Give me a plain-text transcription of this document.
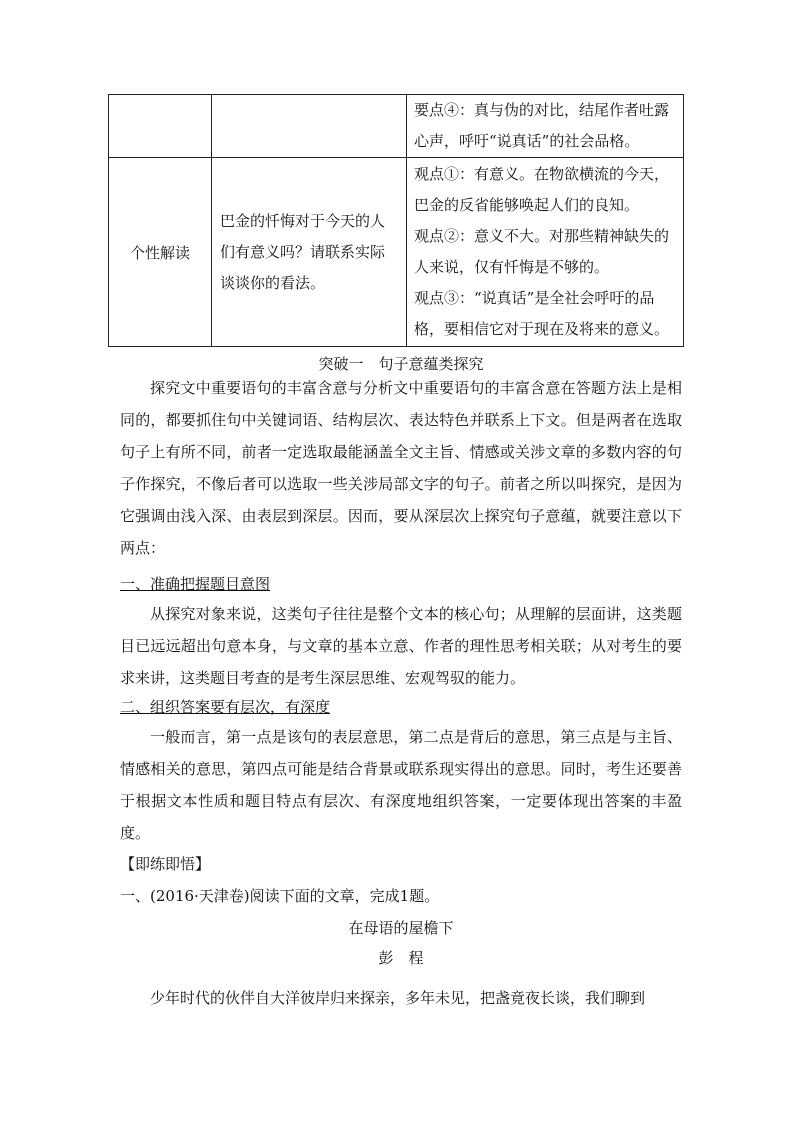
		要点④：真与伪的对比，结尾作者吐露心声，呼吁“说真话”的社会品格。

个性解读	巴金的忏悔对于今天的人们有意义吗？请联系实际谈谈你的看法。	观点①：有意义。在物欲横流的今天，巴金的反省能够唤起人们的良知。

观点②：意义不大。对那些精神缺失的人来说，仅有忏悔是不够的。

观点③：“说真话”是全社会呼吁的品格，要相信它对于现在及将来的意义。

突破一　句子意蕴类探究

探究文中重要语句的丰富含意与分析文中重要语句的丰富含意在答题方法上是相同的，都要抓住句中关键词语、结构层次、表达特色并联系上下文。但是两者在选取句子上有所不同，前者一定选取最能涵盖全文主旨、情感或关涉文章的多数内容的句子作探究，不像后者可以选取一些关涉局部文字的句子。前者之所以叫探究，是因为它强调由浅入深、由表层到深层。因而，要从深层次上探究句子意蕴，就要注意以下两点：

一、准确把握题目意图

从探究对象来说，这类句子往往是整个文本的核心句；从理解的层面讲，这类题目已远远超出句意本身，与文章的基本立意、作者的理性思考相关联；从对考生的要求来讲，这类题目考查的是考生深层思维、宏观驾驭的能力。

二、组织答案要有层次，有深度

一般而言，第一点是该句的表层意思，第二点是背后的意思，第三点是与主旨、情感相关的意思，第四点可能是结合背景或联系现实得出的意思。同时，考生还要善于根据文本性质和题目特点有层次、有深度地组织答案，一定要体现出答案的丰盈度。

【即练即悟】
一、(2016·天津卷)阅读下面的文章，完成1题。
在母语的屋檐下
彭　程
少年时代的伙伴自大洋彼岸归来探亲，多年未见，把盏竟夜长谈，我们聊到
